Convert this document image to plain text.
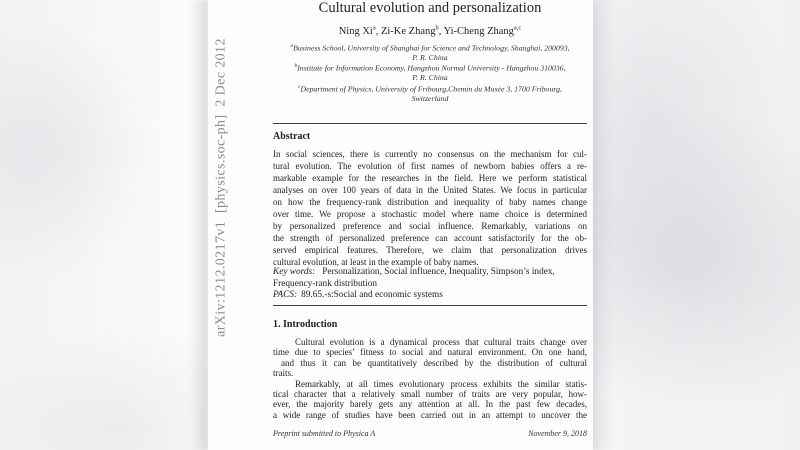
arXiv:1212.0217v1  [physics.soc-ph]  2 Dec 2012
Cultural evolution and personalization
Ning Xi$^a$, Zi-Ke Zhang$^b$, Yi-Cheng Zhang$^{a,c}$
$^a$Business School, University of Shanghai for Science and Technology, Shanghai, 200093,
P. R. China
$^b$Institute for Information Economy, Hangzhou Normal University - Hangzhou 310036,
P. R. China
$^c$Department of Physics, University of Fribourg,Chemin du Musée 3, 1700 Fribourg,
Switzerland
Abstract
In social sciences, there is currently no consensus on the mechanism for cul-
tural evolution. The evolution of first names of newborn babies offers a re-
markable example for the researches in the field. Here we perform statistical
analyses on over 100 years of data in the United States. We focus in particular
on how the frequency-rank distribution and inequality of baby names change
over time. We propose a stochastic model where name choice is determined
by personalized preference and social influence. Remarkably, variations on
the strength of personalized preference can account satisfactorily for the ob-
served empirical features. Therefore, we claim that personalization drives
cultural evolution, at least in the example of baby names.
Key words: Personalization, Social influence, Inequality, Simpson’s index,
Frequency-rank distribution
PACS: 89.65.-s:Social and economic systems
1. Introduction
Cultural evolution is a dynamical process that cultural traits change over
time due to species’ fitness to social and natural environment. On one hand,
and thus it can be quantitatively described by the distribution of cultural
traits.
Remarkably, at all times evolutionary process exhibits the similar statis-
tical character that a relatively small number of traits are very popular, how-
ever, the majority barely gets any attention at all. In the past few decades,
a wide range of studies have been carried out in an attempt to uncover the
Preprint submitted to Physica A	November 9, 2018
